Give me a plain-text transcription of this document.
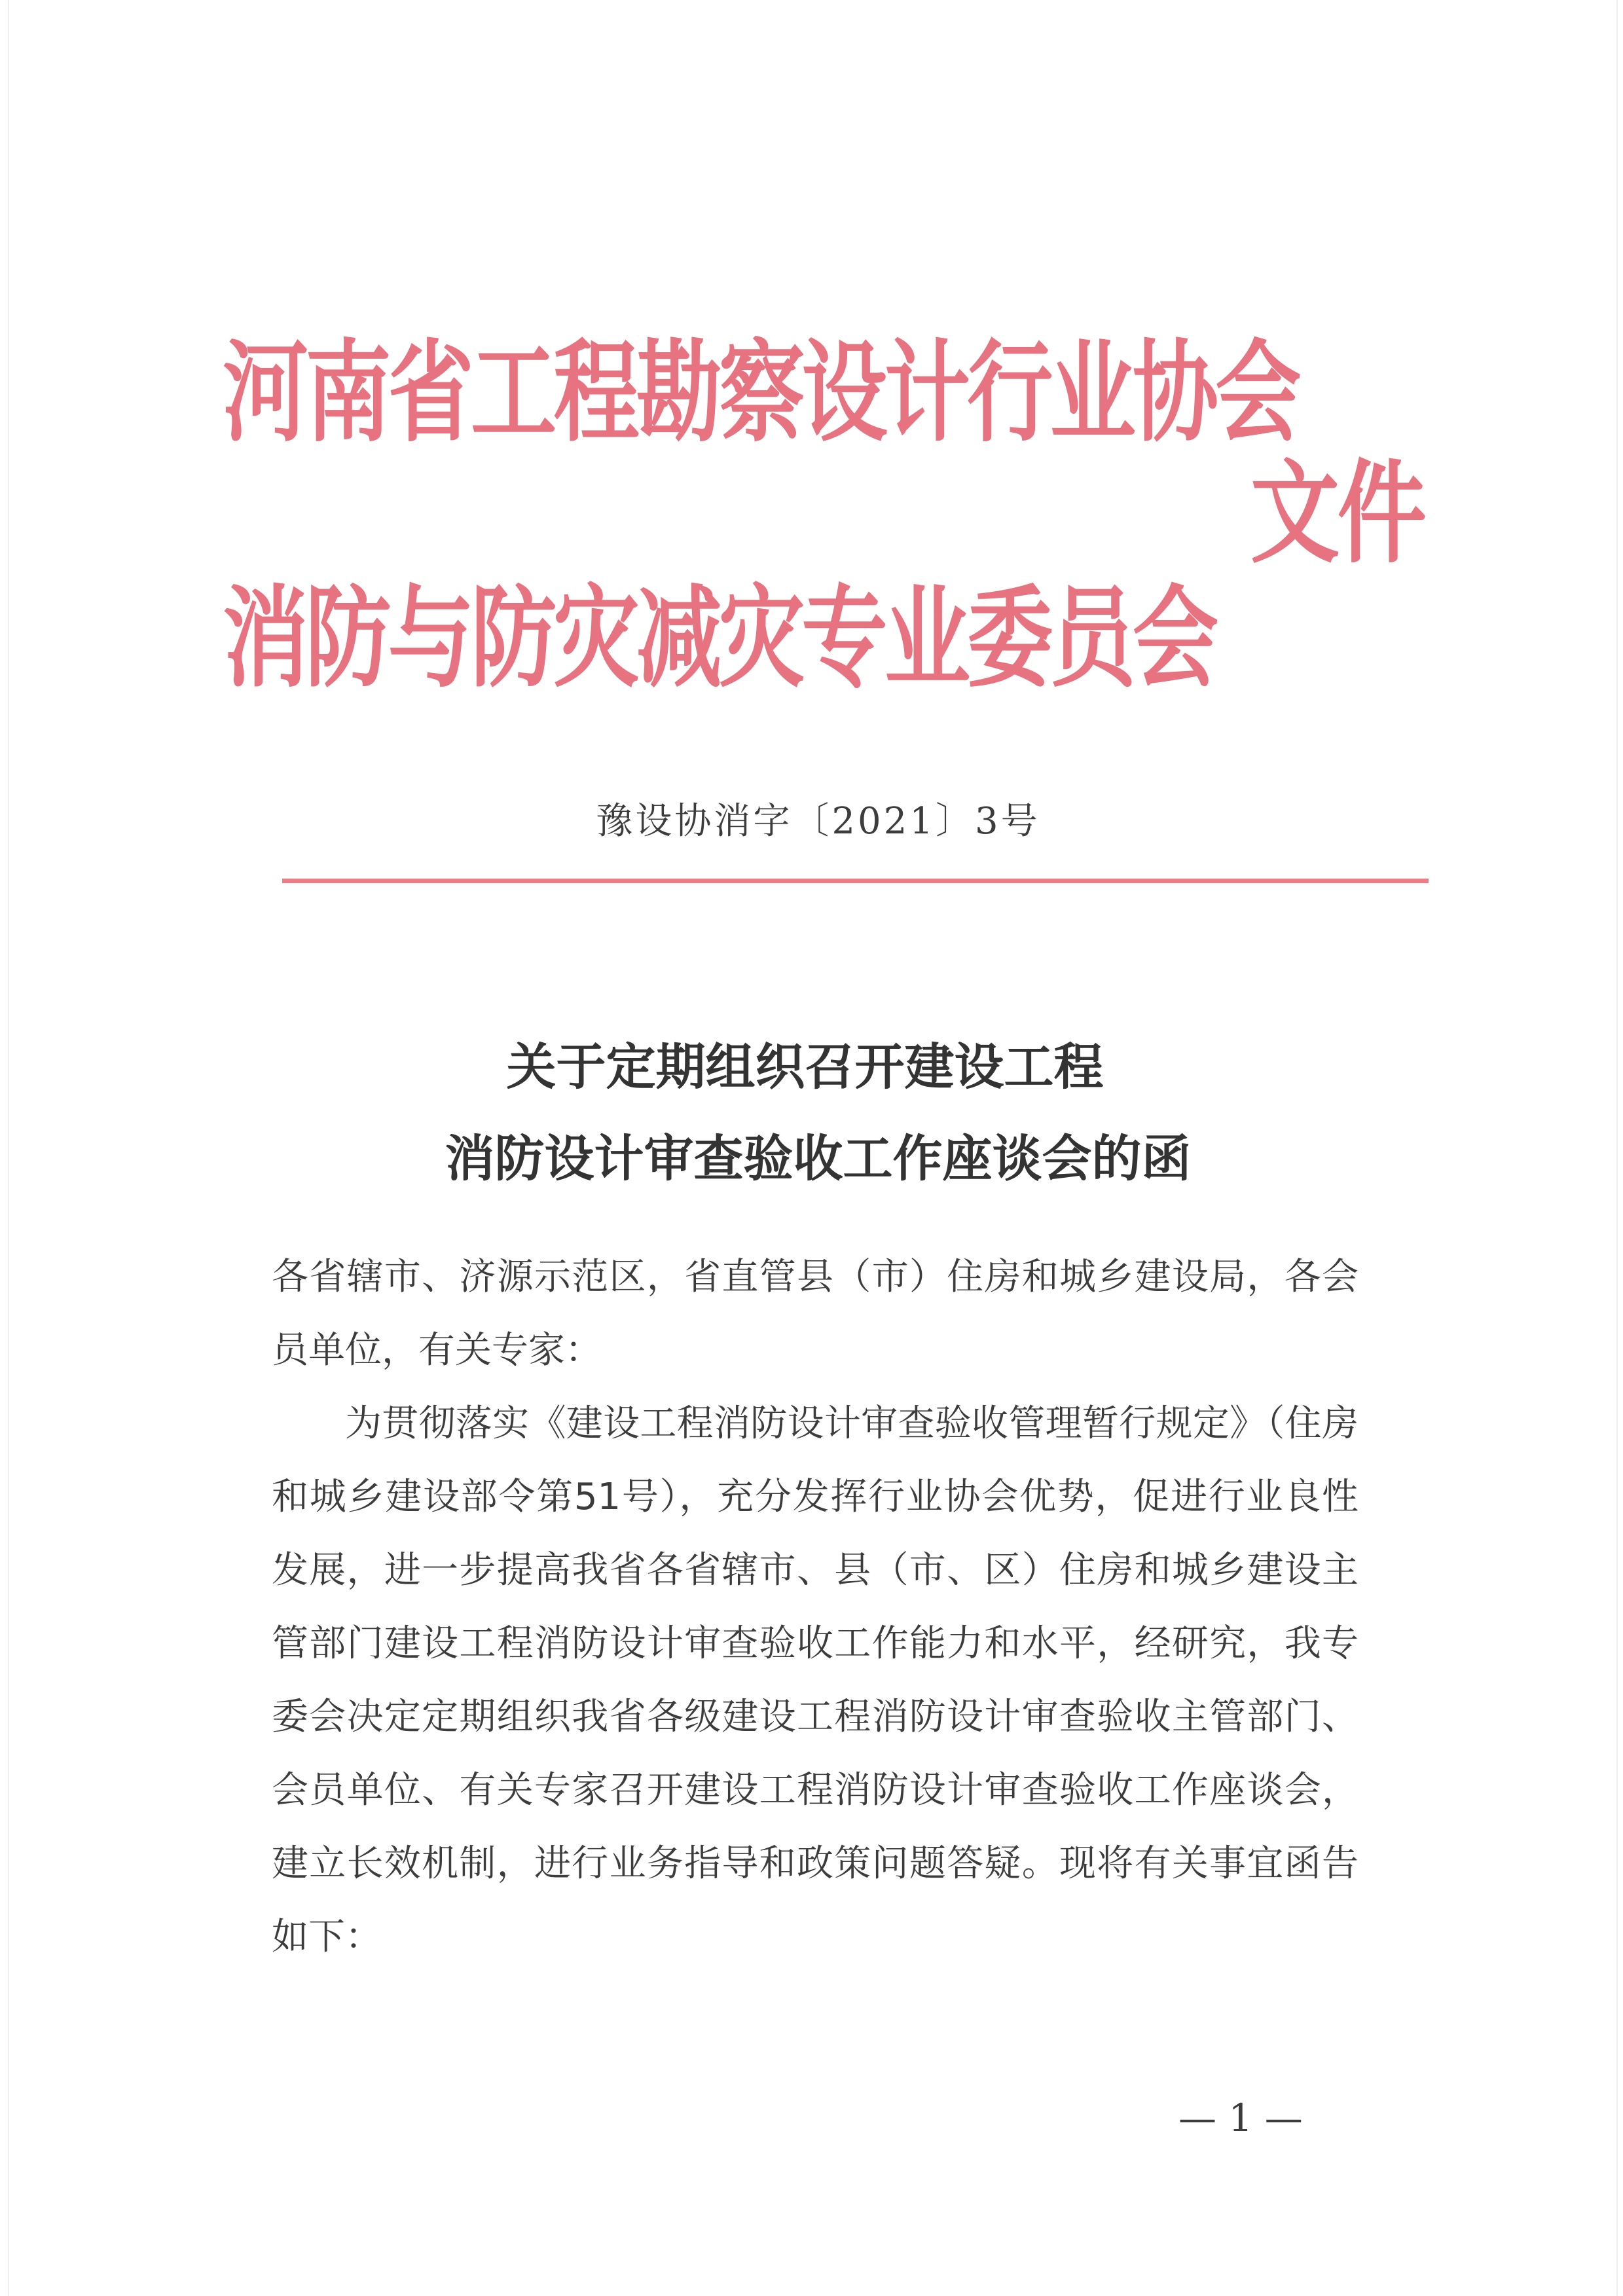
河南省工程勘察设计行业协会
消防与防灾减灾专业委员会
文件
豫设协消字〔2021〕3号
关于定期组织召开建设工程
消防设计审查验收工作座谈会的函

各省辖市、济源示范区，省直管县（市）住房和城乡建设局，各会员单位，有关专家：

为贯彻落实《建设工程消防设计审查验收管理暂行规定》（住房和城乡建设部令第51号），充分发挥行业协会优势，促进行业良性发展，进一步提高我省各省辖市、县（市、区）住房和城乡建设主管部门建设工程消防设计审查验收工作能力和水平，经研究，我专委会决定定期组织我省各级建设工程消防设计审查验收主管部门、会员单位、有关专家召开建设工程消防设计审查验收工作座谈会，建立长效机制，进行业务指导和政策问题答疑。现将有关事宜函告如下：

— 1 —
